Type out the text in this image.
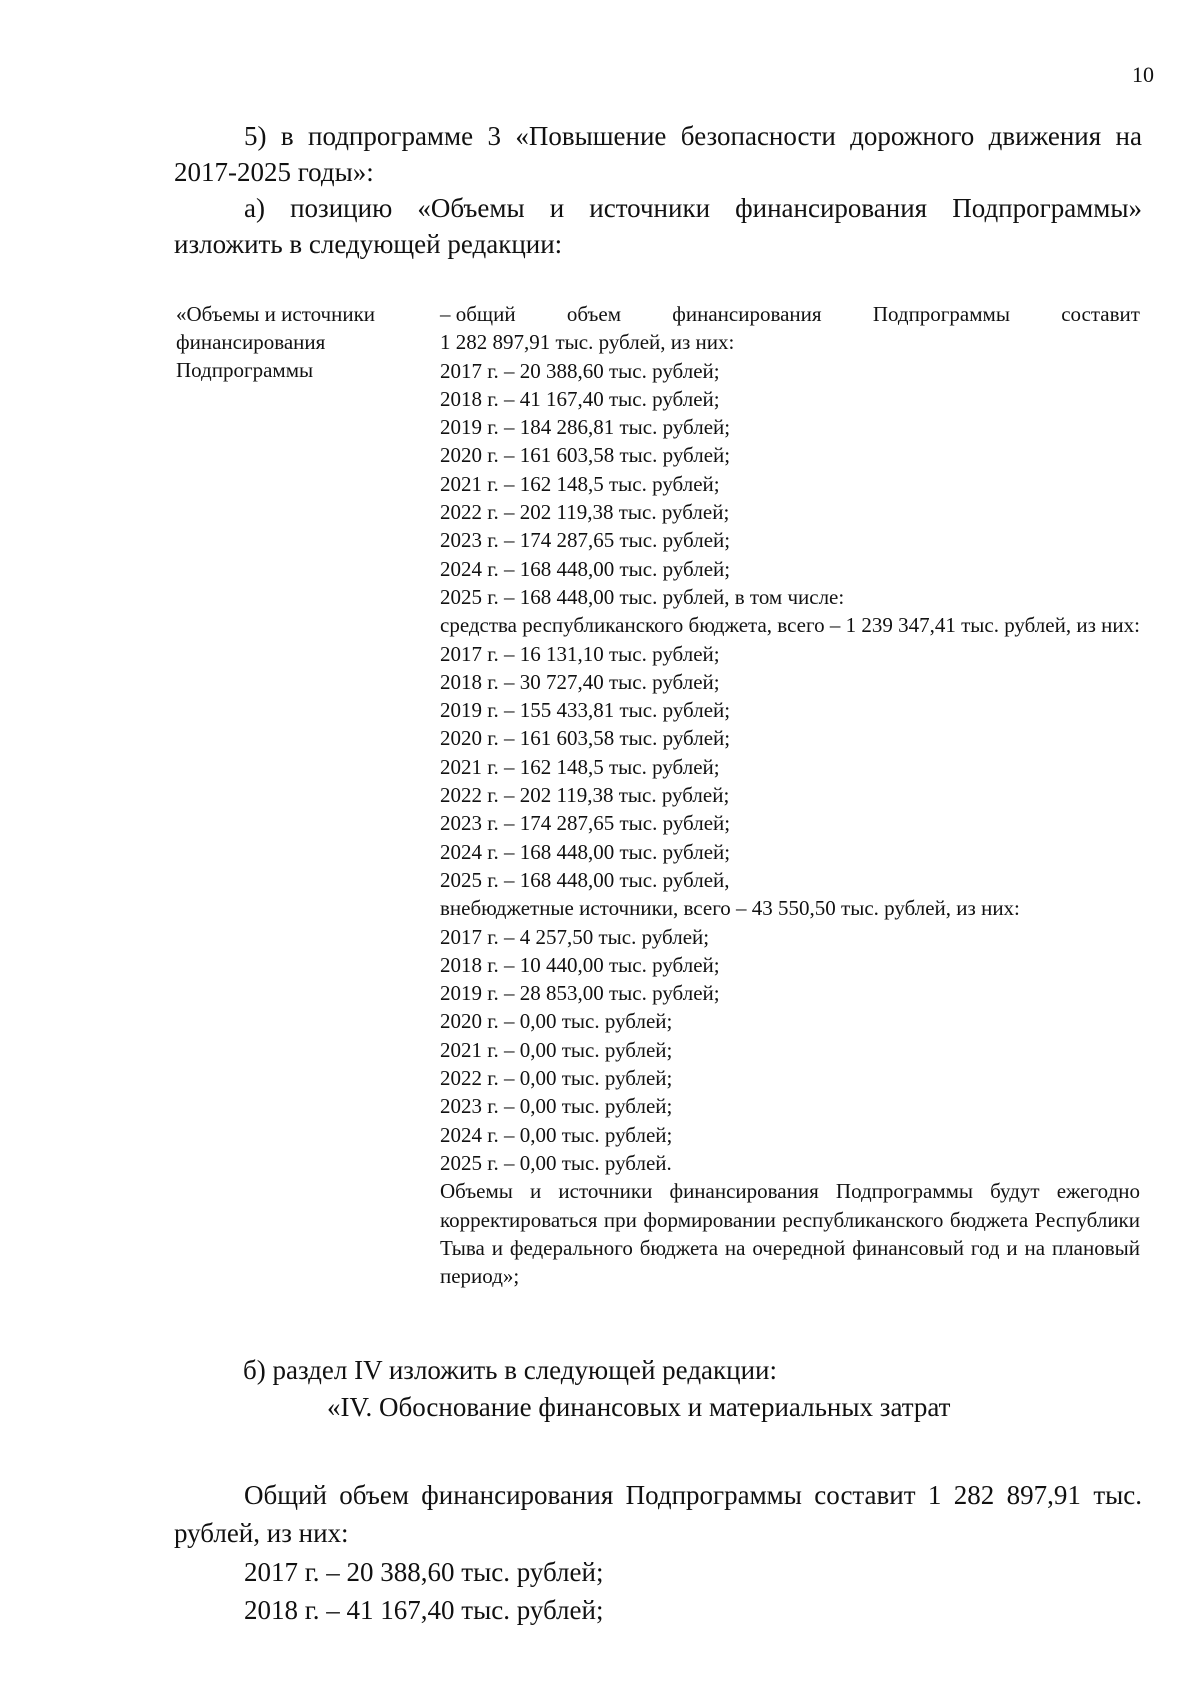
10

5) в подпрограмме 3 «Повышение безопасности дорожного движения на 2017-2025 годы»:

а) позицию «Объемы и источники финансирования Подпрограммы» изложить в следующей редакции:

«Объемы и источники финансирования Подпрограммы
– общий объем финансирования Подпрограммы составит
1 282 897,91 тыс. рублей, из них:
2017 г. – 20 388,60 тыс. рублей;
2018 г. – 41 167,40 тыс. рублей;
2019 г. – 184 286,81 тыс. рублей;
2020 г. – 161 603,58 тыс. рублей;
2021 г. – 162 148,5 тыс. рублей;
2022 г. – 202 119,38 тыс. рублей;
2023 г. – 174 287,65 тыс. рублей;
2024 г. – 168 448,00 тыс. рублей;
2025 г. – 168 448,00 тыс. рублей, в том числе:
средства республиканского бюджета, всего – 1 239 347,41 тыс. рублей, из них:
2017 г. – 16 131,10 тыс. рублей;
2018 г. – 30 727,40 тыс. рублей;
2019 г. – 155 433,81 тыс. рублей;
2020 г. – 161 603,58 тыс. рублей;
2021 г. – 162 148,5 тыс. рублей;
2022 г. – 202 119,38 тыс. рублей;
2023 г. – 174 287,65 тыс. рублей;
2024 г. – 168 448,00 тыс. рублей;
2025 г. – 168 448,00 тыс. рублей,
внебюджетные источники, всего – 43 550,50 тыс. рублей, из них:
2017 г. – 4 257,50 тыс. рублей;
2018 г. – 10 440,00 тыс. рублей;
2019 г. – 28 853,00 тыс. рублей;
2020 г. – 0,00 тыс. рублей;
2021 г. – 0,00 тыс. рублей;
2022 г. – 0,00 тыс. рублей;
2023 г. – 0,00 тыс. рублей;
2024 г. – 0,00 тыс. рублей;
2025 г. – 0,00 тыс. рублей.
Объемы и источники финансирования Подпрограммы будут ежегодно корректироваться при формировании республиканского бюджета Республики Тыва и федерального бюджета на очередной финансовый год и на плановый период»;
б) раздел IV изложить в следующей редакции:
«IV. Обоснование финансовых и материальных затрат

Общий объем финансирования Подпрограммы составит 1 282 897,91 тыс. рублей, из них:

2017 г. – 20 388,60 тыс. рублей;
2018 г. – 41 167,40 тыс. рублей;
